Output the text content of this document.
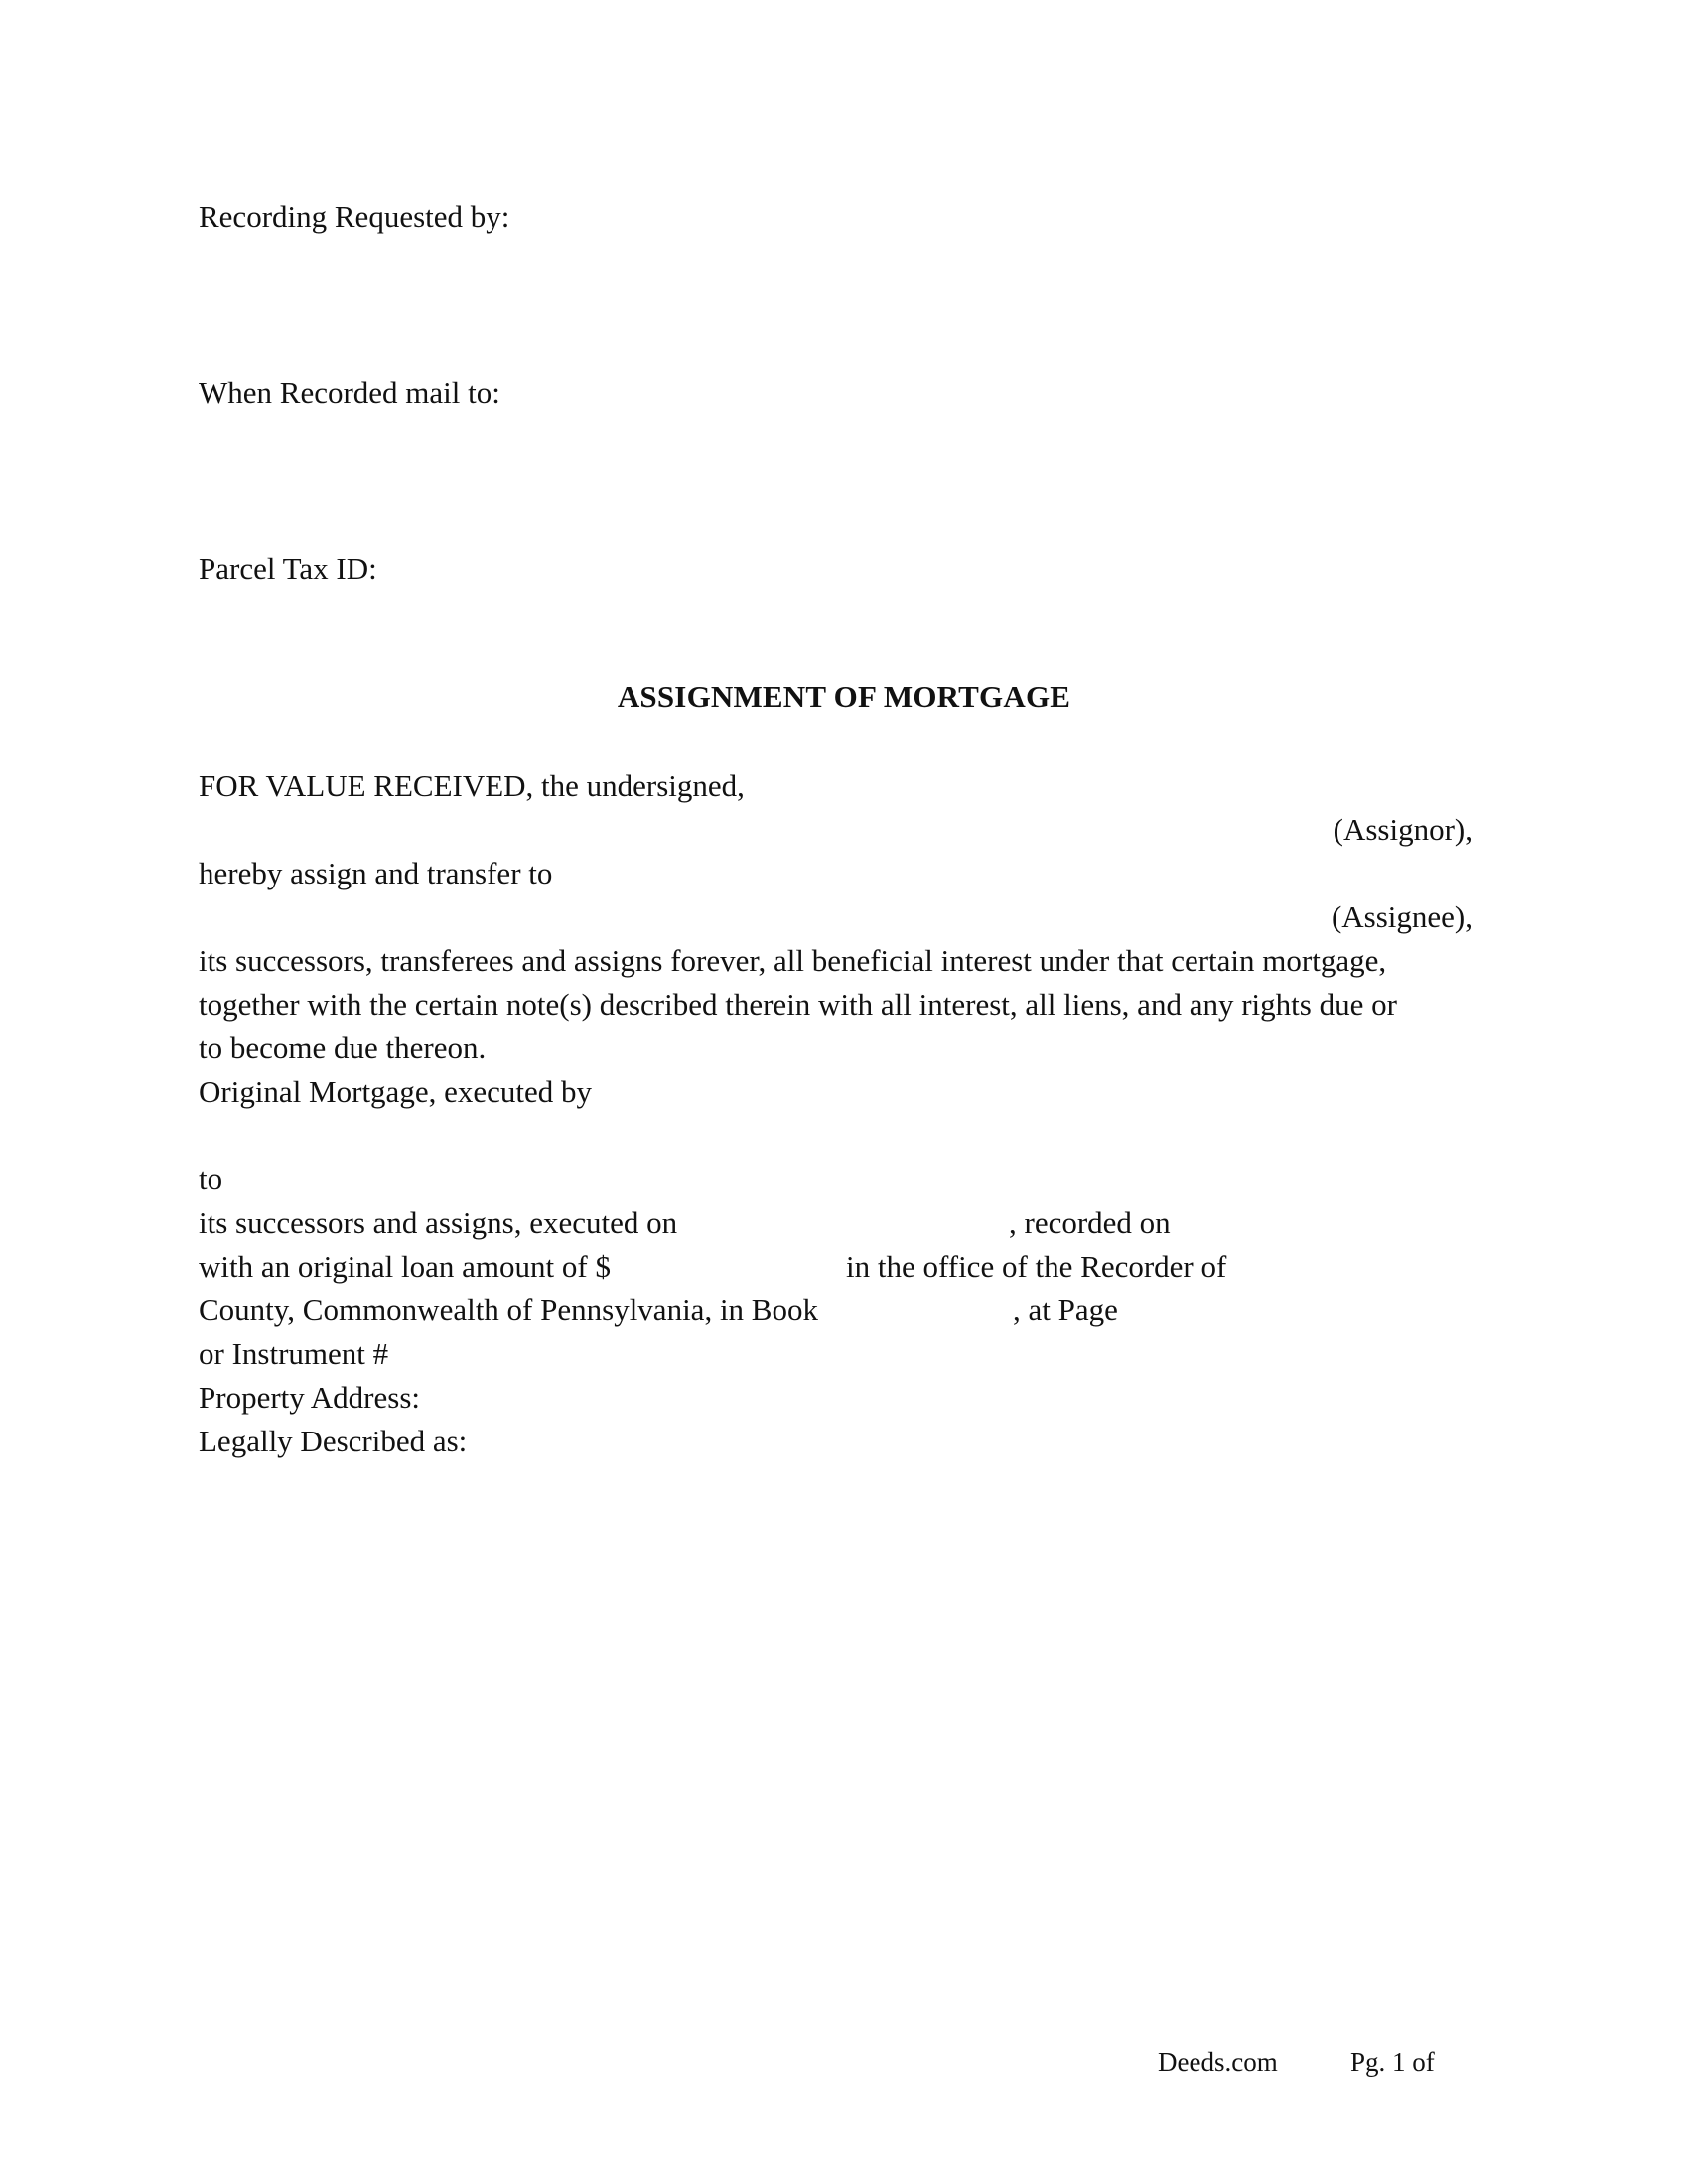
Recording Requested by:

When Recorded mail to:

Parcel Tax ID:

ASSIGNMENT OF MORTGAGE

FOR VALUE RECEIVED, the undersigned,

(Assignor),

hereby assign and transfer to

(Assignee),

its successors, transferees and assigns forever, all beneficial interest under that certain mortgage,

together with the certain note(s) described therein with all interest, all liens, and any rights due or

to become due thereon.

Original Mortgage, executed by

to

its successors and assigns, executed on	, recorded on

with an original loan amount of $	in the office of the Recorder of

County, Commonwealth of Pennsylvania, in Book	, at Page

or Instrument #

Property Address:

Legally Described as:

Deeds.com	Pg. 1 of
